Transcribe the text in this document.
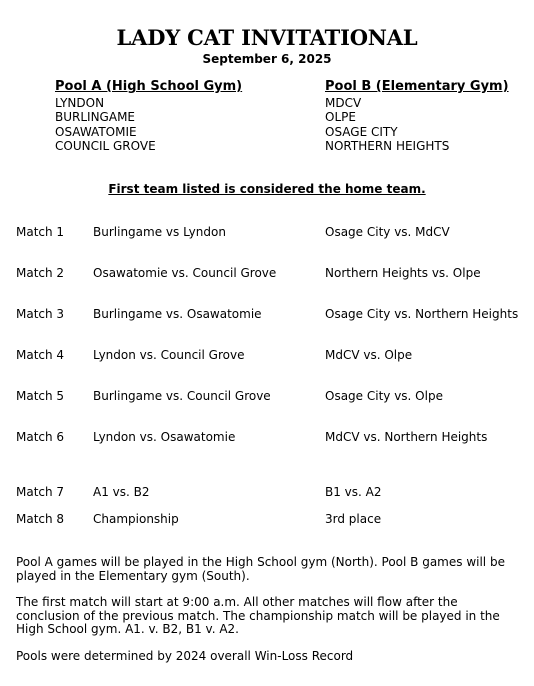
LADY CAT INVITATIONAL
September 6, 2025
Pool A (High School Gym)
LYNDON
BURLINGAME
OSAWATOMIE
COUNCIL GROVE
Pool B (Elementary Gym)
MDCV
OLPE
OSAGE CITY
NORTHERN HEIGHTS
First team listed is considered the home team.
Match 1 Burlingame vs Lyndon	Osage City vs. MdCV
Match 2 Osawatomie vs. Council Grove	Northern Heights vs. Olpe
Match 3 Burlingame vs. Osawatomie	Osage City vs. Northern Heights
Match 4 Lyndon vs. Council Grove	MdCV vs. Olpe
Match 5 Burlingame vs. Council Grove	Osage City vs. Olpe
Match 6 Lyndon vs. Osawatomie	MdCV vs. Northern Heights
Match 7 A1 vs. B2	B1 vs. A2
Match 8 Championship	3rd place
Pool A games will be played in the High School gym (North). Pool B games will be played in the Elementary gym (South).
The first match will start at 9:00 a.m. All other matches will flow after the conclusion of the previous match. The championship match will be played in the High School gym. A1. v. B2, B1 v. A2.
Pools were determined by 2024 overall Win-Loss Record
